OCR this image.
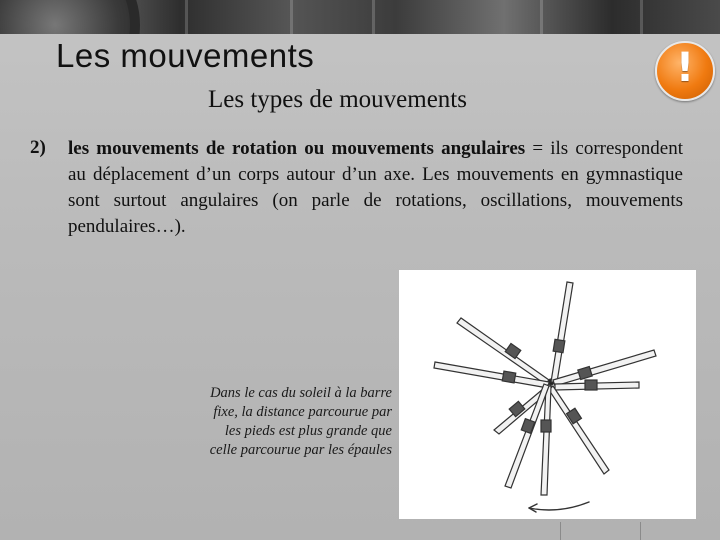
Les mouvements	!
Les types de mouvements
2) les mouvements de rotation ou mouvements angulaires = ils correspondent au déplacement d’un corps autour d’un axe. Les mouvements en gymnastique sont surtout angulaires (on parle de rotations, oscillations, mouvements pendulaires…).
Dans le cas du soleil à la barre fixe, la distance parcourue par les pieds est plus grande que celle parcourue par les épaules
